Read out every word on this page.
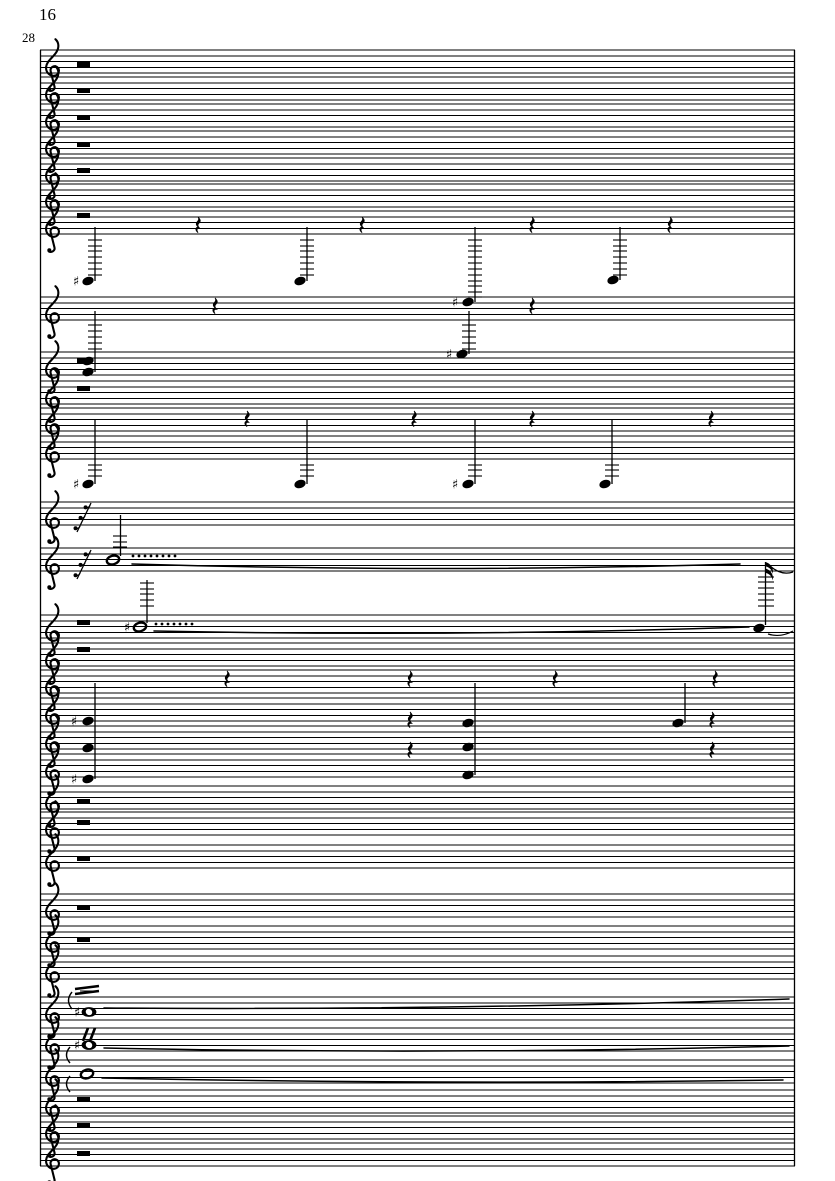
16
28
♯
♯
♯
♯	♯
♯
♯
♯
♯
♯
